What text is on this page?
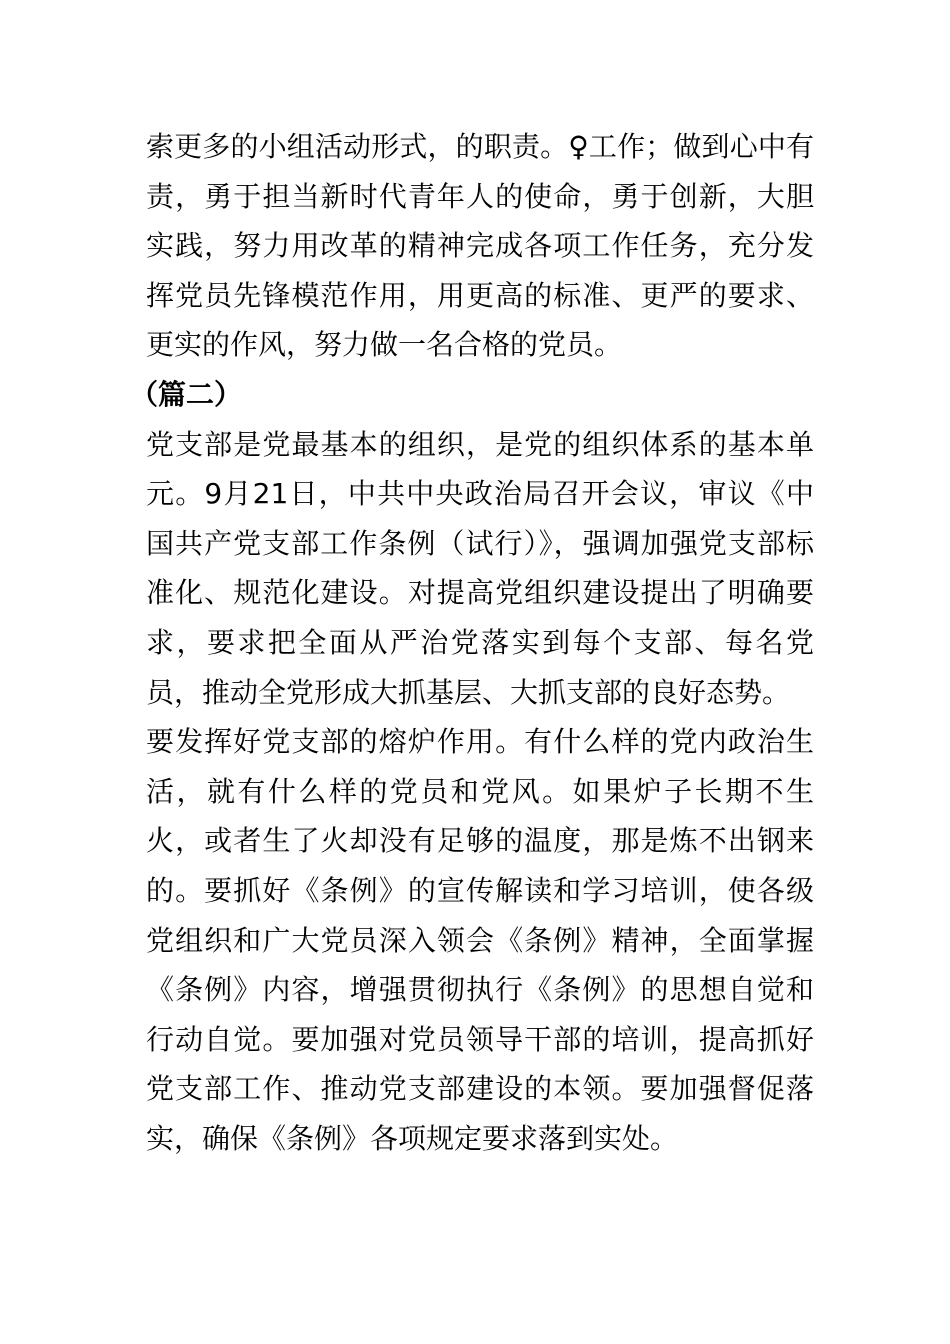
索更多的小组活动形式，的职责。♀工作；做到心中有责，勇于担当新时代青年人的使命，勇于创新，大胆实践，努力用改革的精神完成各项工作任务，充分发挥党员先锋模范作用，用更高的标准、更严的要求、更实的作风，努力做一名合格的党员。

（篇二）

党支部是党最基本的组织，是党的组织体系的基本单元。9月21日，中共中央政治局召开会议，审议《中国共产党支部工作条例（试行）》，强调加强党支部标准化、规范化建设。对提高党组织建设提出了明确要求，要求把全面从严治党落实到每个支部、每名党员，推动全党形成大抓基层、大抓支部的良好态势。

要发挥好党支部的熔炉作用。有什么样的党内政治生活，就有什么样的党员和党风。如果炉子长期不生火，或者生了火却没有足够的温度，那是炼不出钢来的。要抓好《条例》的宣传解读和学习培训，使各级党组织和广大党员深入领会《条例》精神，全面掌握《条例》内容，增强贯彻执行《条例》的思想自觉和行动自觉。要加强对党员领导干部的培训，提高抓好党支部工作、推动党支部建设的本领。要加强督促落实，确保《条例》各项规定要求落到实处。
